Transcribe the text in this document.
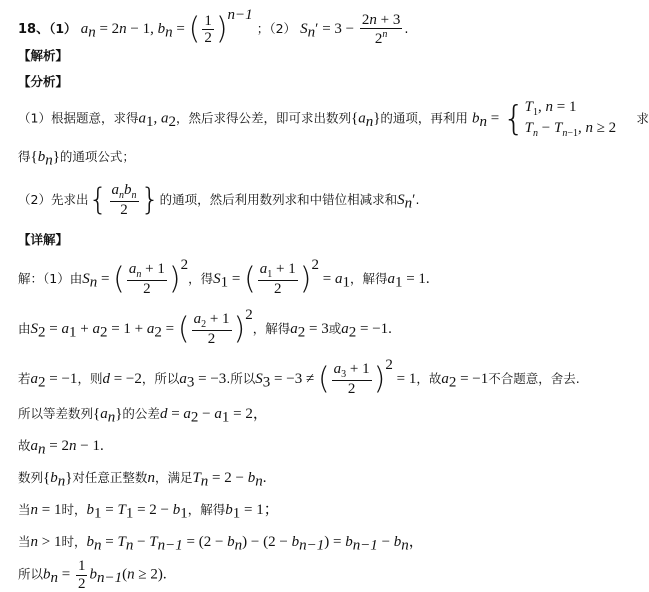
18、（1） $a_n = 2n - 1$, $b_n$ = ( $\frac{1}{2} )^{n-1}$ ；（2） $S_n' = 3 - \frac{2n + 3}{2^n}$ .
【解析】
【分析】
（1）根据题意，求得$a_1$, $a_2$，然后求得公差，即可求出数列$\{a_n\}$的通项，再利用 $b_n$ = { $T_1$, n = 1
$T_n - T_{n-1}$, n ≥ 2
求
得$\{b_n\}$的通项公式；
（2）先求出{ $\frac{a_nb_n}{2}$ }的通项，然后利用数列求和中错位相减求和$S_n'$.
【详解】
解：（1）由$S_n$ = ( $\frac{a_n + 1}{2} )^2$，得$S_1$ = ( $\frac{a_1 + 1}{2} )^2 = a_1$，解得$a_1 = 1$.
由$S_2 = a_1 + a_2 = 1 + a_2$ = ( $\frac{a_2 + 1}{2} )^2$，解得$a_2 = 3$或$a_2 = -1$.
若$a_2 = -1$，则d = −2，所以$a_3 = -3$.所以$S_3 = -3$ ≠ ( $\frac{a_3 + 1}{2} )^2 = 1$，故$a_2 = -1$不合题意，舍去.
所以等差数列$\{a_n\}$的公差$d = a_2 - a_1 = 2$，
故$a_n = 2n - 1$.
数列$\{b_n\}$对任意正整数n，满足$T_n = 2 - b_n$.
当n = 1时，$b_1 = T_1 = 2 - b_1$，解得$b_1 = 1$；
当n > 1时，$b_n = T_n - T_{n-1} = (2 - b_n) - (2 - b_{n-1}) = b_{n-1} - b_n$，
所以$b_n = \frac{1}{2} b_{n-1}(n \ge 2)$.
